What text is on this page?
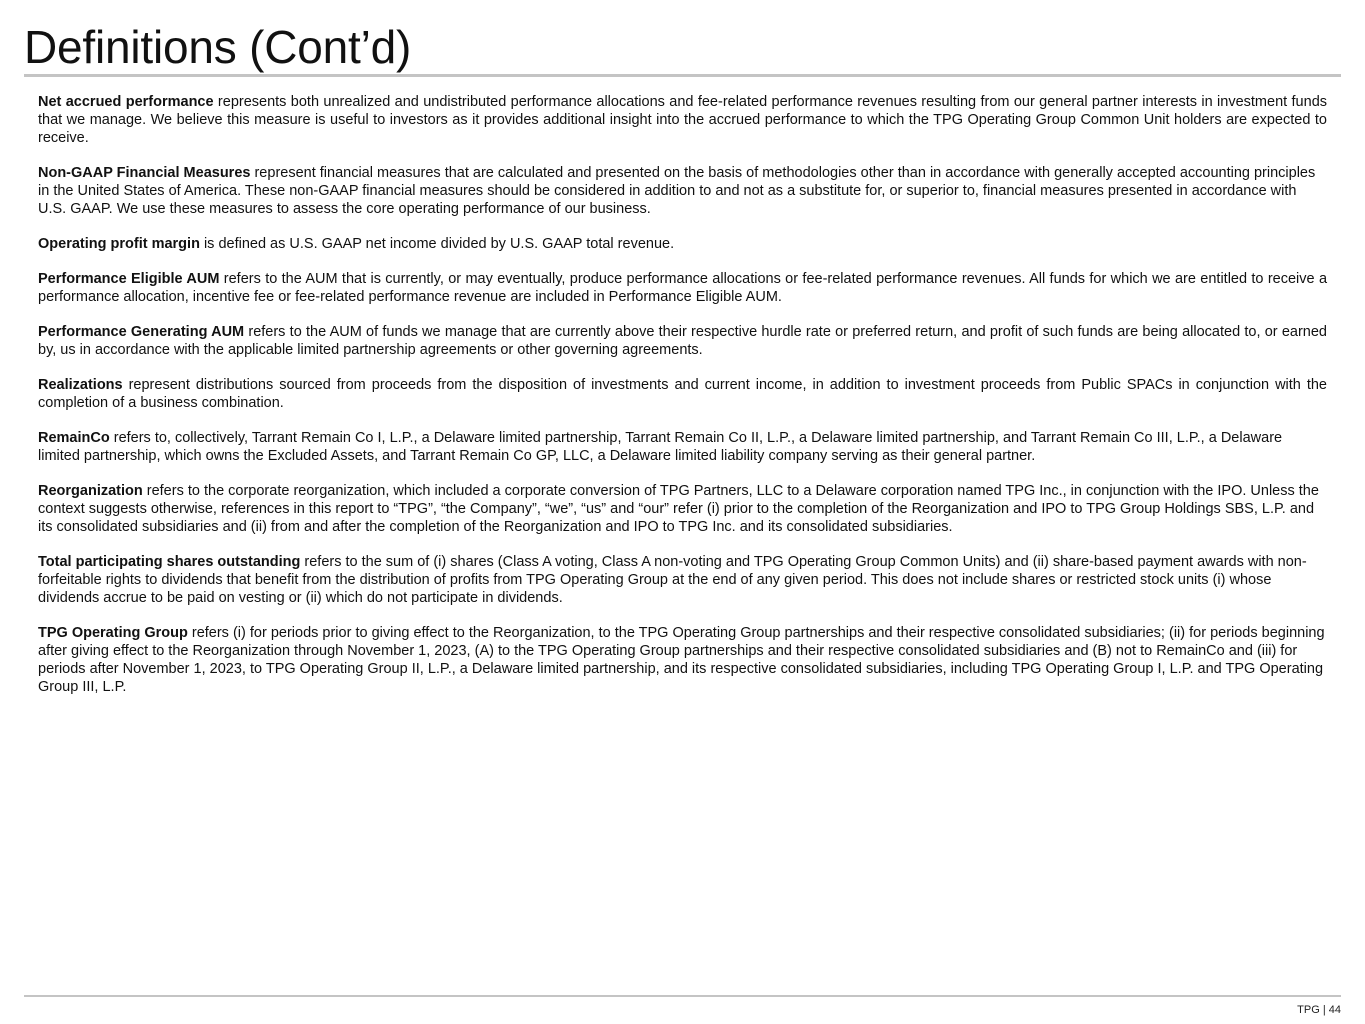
Definitions (Cont’d)

Net accrued performance represents both unrealized and undistributed performance allocations and fee-related performance revenues resulting from our general partner interests in investment funds that we manage. We believe this measure is useful to investors as it provides additional insight into the accrued performance to which the TPG Operating Group Common Unit holders are expected to receive.

Non-GAAP Financial Measures represent financial measures that are calculated and presented on the basis of methodologies other than in accordance with generally accepted accounting principles in the United States of America. These non-GAAP financial measures should be considered in addition to and not as a substitute for, or superior to, financial measures presented in accordance with U.S. GAAP. We use these measures to assess the core operating performance of our business.

Operating profit margin is defined as U.S. GAAP net income divided by U.S. GAAP total revenue.

Performance Eligible AUM refers to the AUM that is currently, or may eventually, produce performance allocations or fee-related performance revenues. All funds for which we are entitled to receive a performance allocation, incentive fee or fee-related performance revenue are included in Performance Eligible AUM.

Performance Generating AUM refers to the AUM of funds we manage that are currently above their respective hurdle rate or preferred return, and profit of such funds are being allocated to, or earned by, us in accordance with the applicable limited partnership agreements or other governing agreements.

Realizations represent distributions sourced from proceeds from the disposition of investments and current income, in addition to investment proceeds from Public SPACs in conjunction with the completion of a business combination.

RemainCo refers to, collectively, Tarrant Remain Co I, L.P., a Delaware limited partnership, Tarrant Remain Co II, L.P., a Delaware limited partnership, and Tarrant Remain Co III, L.P., a Delaware limited partnership, which owns the Excluded Assets, and Tarrant Remain Co GP, LLC, a Delaware limited liability company serving as their general partner.

Reorganization refers to the corporate reorganization, which included a corporate conversion of TPG Partners, LLC to a Delaware corporation named TPG Inc., in conjunction with the IPO. Unless the context suggests otherwise, references in this report to “TPG”, “the Company”, “we”, “us” and “our” refer (i) prior to the completion of the Reorganization and IPO to TPG Group Holdings SBS, L.P. and its consolidated subsidiaries and (ii) from and after the completion of the Reorganization and IPO to TPG Inc. and its consolidated subsidiaries.

Total participating shares outstanding refers to the sum of (i) shares (Class A voting, Class A non-voting and TPG Operating Group Common Units) and (ii) share-based payment awards with non-forfeitable rights to dividends that benefit from the distribution of profits from TPG Operating Group at the end of any given period. This does not include shares or restricted stock units (i) whose dividends accrue to be paid on vesting or (ii) which do not participate in dividends.

TPG Operating Group refers (i) for periods prior to giving effect to the Reorganization, to the TPG Operating Group partnerships and their respective consolidated subsidiaries; (ii) for periods beginning after giving effect to the Reorganization through November 1, 2023, (A) to the TPG Operating Group partnerships and their respective consolidated subsidiaries and (B) not to RemainCo and (iii) for periods after November 1, 2023, to TPG Operating Group II, L.P., a Delaware limited partnership, and its respective consolidated subsidiaries, including TPG Operating Group I, L.P. and TPG Operating Group III, L.P.

TPG | 44
